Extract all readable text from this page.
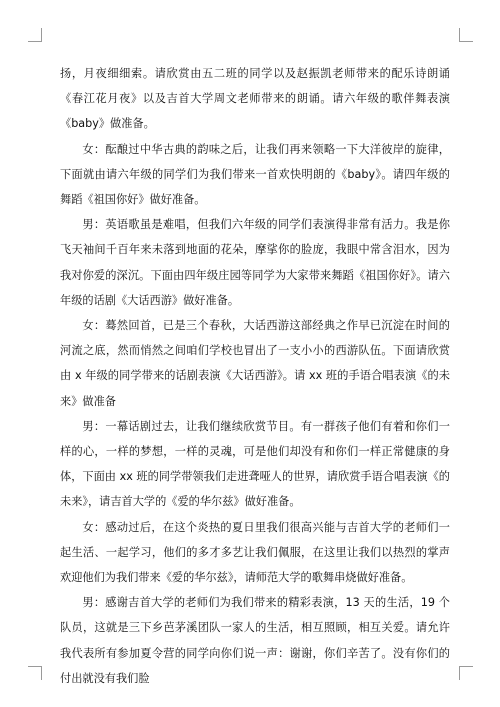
扬，月夜细细索。请欣赏由五二班的同学以及赵振凯老师带来的配乐诗朗诵《春江花月夜》以及吉首大学周文老师带来的朗诵。请六年级的歌伴舞表演《baby》做准备。

女：酝酿过中华古典的韵味之后，让我们再来领略一下大洋彼岸的旋律，下面就由请六年级的同学们为我们带来一首欢快明朗的《baby》。请四年级的舞蹈《祖国你好》做好准备。

男：英语歌虽是难唱，但我们六年级的同学们表演得非常有活力。我是你飞天袖间千百年来未落到地面的花朵，摩挲你的脸庞，我眼中常含泪水，因为我对你爱的深沉。下面由四年级庄园等同学为大家带来舞蹈《祖国你好》。请六年级的话剧《大话西游》做好准备。

女：蓦然回首，已是三个春秋，大话西游这部经典之作早已沉淀在时间的河流之底，然而悄然之间咱们学校也冒出了一支小小的西游队伍。下面请欣赏由 x 年级的同学带来的话剧表演《大话西游》。请 xx 班的手语合唱表演《的未来》做准备

男：一幕话剧过去，让我们继续欣赏节目。有一群孩子他们有着和你们一样的心，一样的梦想，一样的灵魂，可是他们却没有和你们一样正常健康的身体，下面由 xx 班的同学带领我们走进聋哑人的世界，请欣赏手语合唱表演《的未来》，请吉首大学的《爱的华尔兹》做好准备。

女：感动过后，在这个炎热的夏日里我们很高兴能与吉首大学的老师们一起生活、一起学习，他们的多才多艺让我们佩服，在这里让我们以热烈的掌声欢迎他们为我们带来《爱的华尔兹》，请师范大学的歌舞串烧做好准备。

男：感谢吉首大学的老师们为我们带来的精彩表演，13 天的生活，19 个队员，这就是三下乡芭茅溪团队一家人的生活，相互照顾，相互关爱。请允许我代表所有参加夏令营的同学向你们说一声：谢谢，你们辛苦了。没有你们的付出就没有我们脸
